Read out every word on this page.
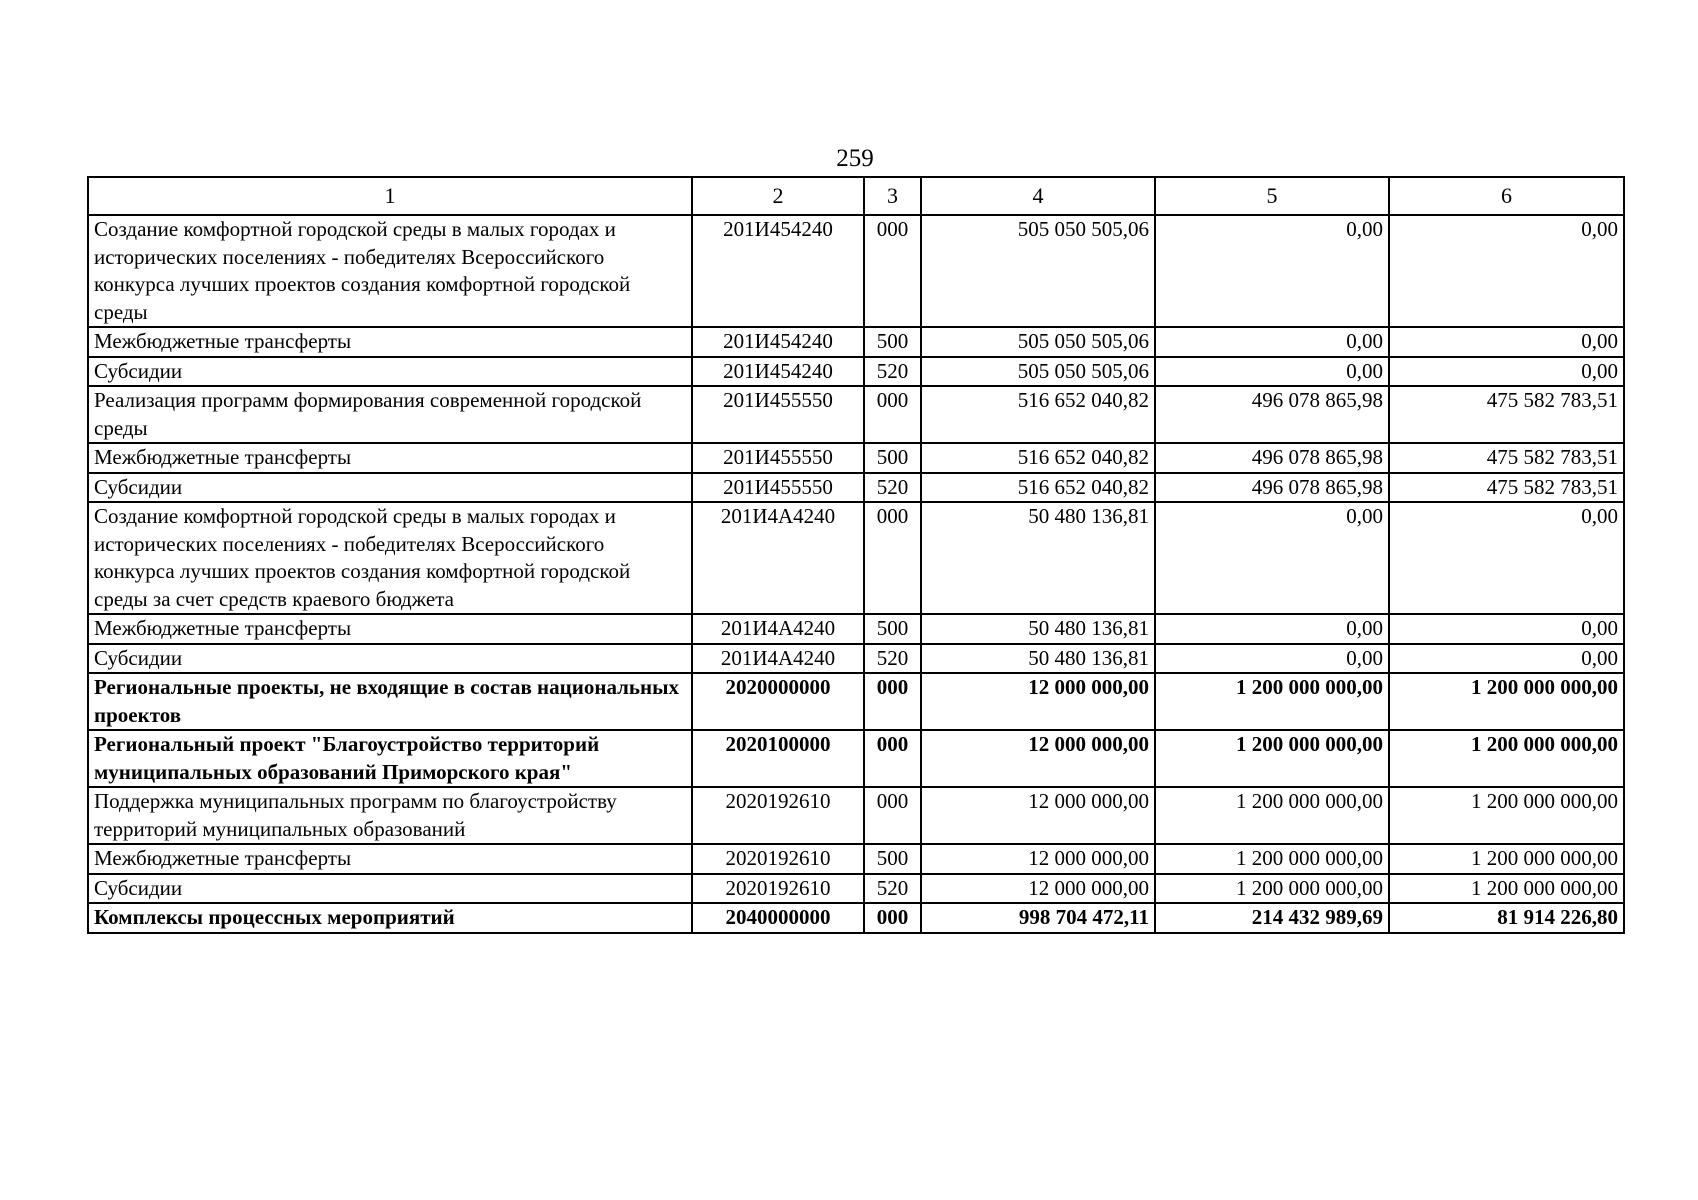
259
1	2	3	4	5	6
Создание комфортной городской среды в малых городах и исторических поселениях - победителях Всероссийского конкурса лучших проектов создания комфортной городской среды	201И454240	000	505 050 505,06	0,00	0,00
Межбюджетные трансферты	201И454240	500	505 050 505,06	0,00	0,00
Субсидии	201И454240	520	505 050 505,06	0,00	0,00
Реализация программ формирования современной городской среды	201И455550	000	516 652 040,82	496 078 865,98	475 582 783,51
Межбюджетные трансферты	201И455550	500	516 652 040,82	496 078 865,98	475 582 783,51
Субсидии	201И455550	520	516 652 040,82	496 078 865,98	475 582 783,51
Создание комфортной городской среды в малых городах и исторических поселениях - победителях Всероссийского конкурса лучших проектов создания комфортной городской среды за счет средств краевого бюджета	201И4А4240	000	50 480 136,81	0,00	0,00
Межбюджетные трансферты	201И4А4240	500	50 480 136,81	0,00	0,00
Субсидии	201И4А4240	520	50 480 136,81	0,00	0,00
Региональные проекты, не входящие в состав национальных проектов	2020000000	000	12 000 000,00	1 200 000 000,00	1 200 000 000,00
Региональный проект "Благоустройство территорий муниципальных образований Приморского края"	2020100000	000	12 000 000,00	1 200 000 000,00	1 200 000 000,00
Поддержка муниципальных программ по благоустройству территорий муниципальных образований	2020192610	000	12 000 000,00	1 200 000 000,00	1 200 000 000,00
Межбюджетные трансферты	2020192610	500	12 000 000,00	1 200 000 000,00	1 200 000 000,00
Субсидии	2020192610	520	12 000 000,00	1 200 000 000,00	1 200 000 000,00
Комплексы процессных мероприятий	2040000000	000	998 704 472,11	214 432 989,69	81 914 226,80
